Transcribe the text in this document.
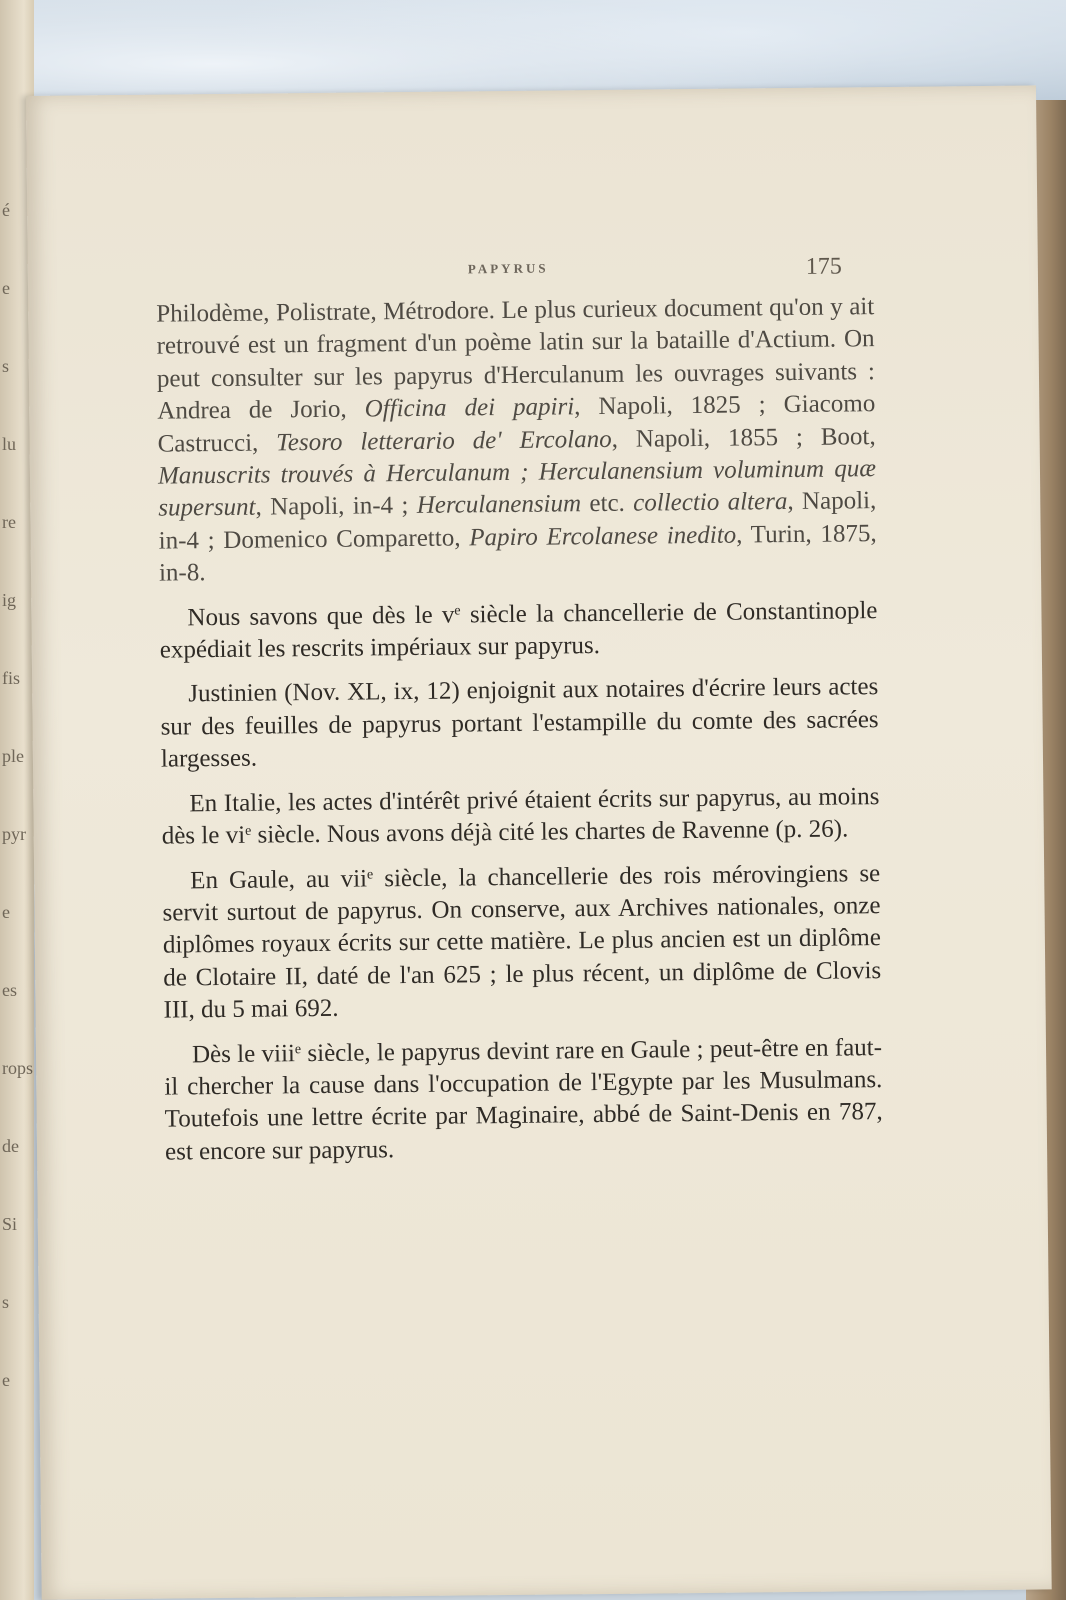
é
e
s
lu
re
ig
fis
ple
pyr
e
es
rops
de
Si
s
e
PAPYRUS	175

Philodème, Polistrate, Métrodore. Le plus curieux document qu'on y ait retrouvé est un fragment d'un poème latin sur la bataille d'Actium. On peut consulter sur les papyrus d'Herculanum les ouvrages suivants : Andrea de Jorio, Officina dei papiri, Napoli, 1825 ; Giacomo Castrucci, Tesoro letterario de' Ercolano, Napoli, 1855 ; Boot, Manuscrits trouvés à Herculanum ; Herculanensium voluminum quæ supersunt, Napoli, in-4 ; Herculanensium etc. collectio altera, Napoli, in-4 ; Domenico Comparetto, Papiro Ercolanese inedito, Turin, 1875, in-8.

Nous savons que dès le $v^e$ siècle la chancellerie de Constantinople expédiait les rescrits impériaux sur papyrus.

Justinien (Nov. XL, ix, 12) enjoignit aux notaires d'écrire leurs actes sur des feuilles de papyrus portant l'estampille du comte des sacrées largesses.

En Italie, les actes d'intérêt privé étaient écrits sur papyrus, au moins dès le $vi^e$ siècle. Nous avons déjà cité les chartes de Ravenne (p. 26).

En Gaule, au vii$^e$ siècle, la chancellerie des rois mérovingiens se servit surtout de papyrus. On conserve, aux Archives nationales, onze diplômes royaux écrits sur cette matière. Le plus ancien est un diplôme de Clotaire II, daté de l'an 625 ; le plus récent, un diplôme de Clovis III, du 5 mai 692.

Dès le viii$^e$ siècle, le papyrus devint rare en Gaule ; peut-être en faut-il chercher la cause dans l'occupation de l'Egypte par les Musulmans. Toutefois une lettre écrite par Maginaire, abbé de Saint-Denis en 787, est encore sur papyrus.
